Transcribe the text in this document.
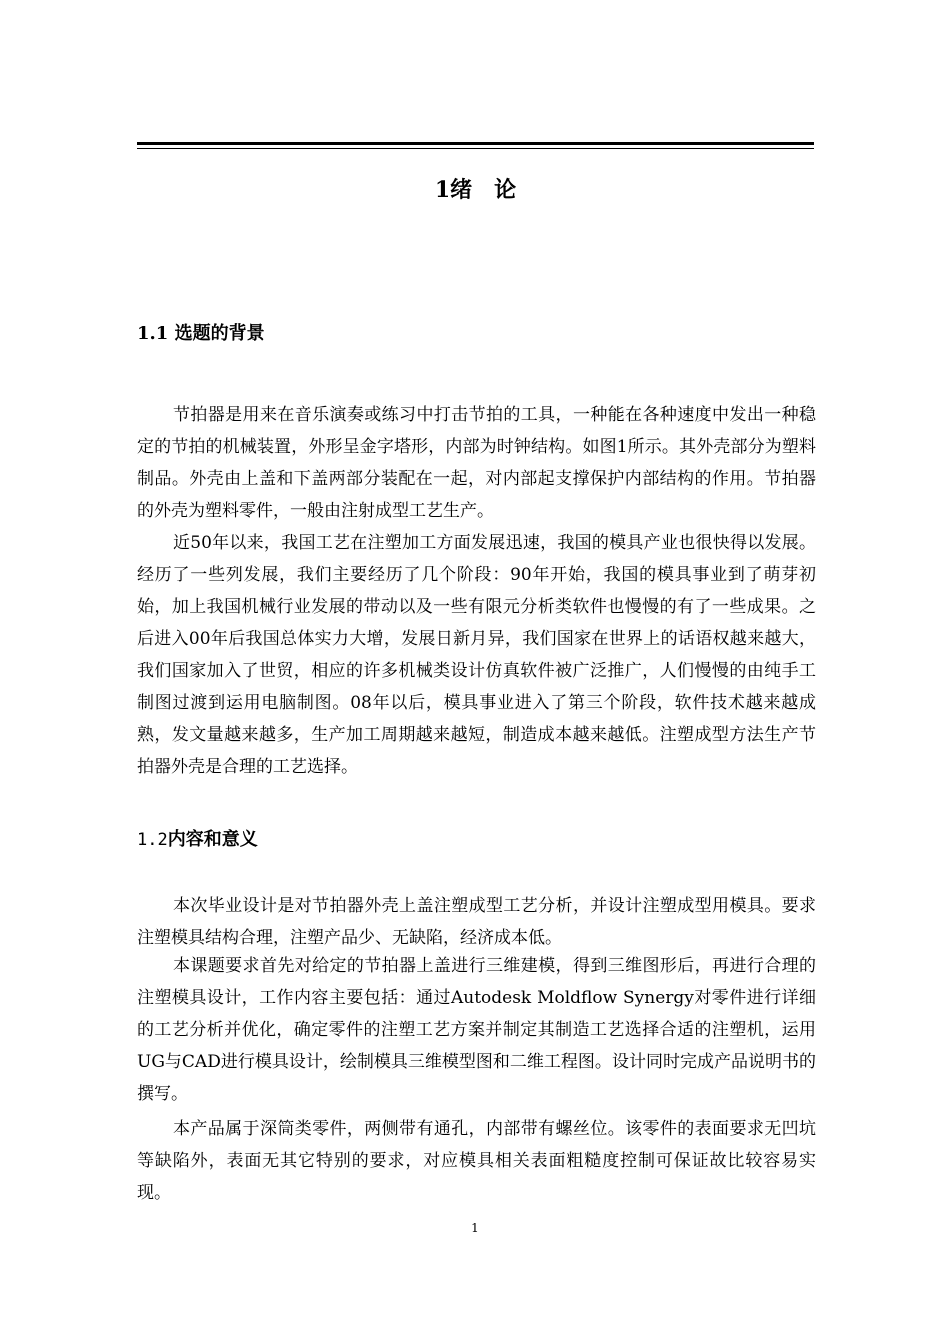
1绪　论
1.1 选题的背景

节拍器是用来在音乐演奏或练习中打击节拍的工具，一种能在各种速度中发出一种稳定的节拍的机械装置，外形呈金字塔形，内部为时钟结构。如图1所示。其外壳部分为塑料制品。外壳由上盖和下盖两部分装配在一起，对内部起支撑保护内部结构的作用。节拍器的外壳为塑料零件，一般由注射成型工艺生产。

近50年以来，我国工艺在注塑加工方面发展迅速，我国的模具产业也很快得以发展。经历了一些列发展，我们主要经历了几个阶段：90年开始，我国的模具事业到了萌芽初始，加上我国机械行业发展的带动以及一些有限元分析类软件也慢慢的有了一些成果。之后进入00年后我国总体实力大增，发展日新月异，我们国家在世界上的话语权越来越大，我们国家加入了世贸，相应的许多机械类设计仿真软件被广泛推广，人们慢慢的由纯手工制图过渡到运用电脑制图。08年以后，模具事业进入了第三个阶段，软件技术越来越成熟，发文量越来越多，生产加工周期越来越短，制造成本越来越低。注塑成型方法生产节拍器外壳是合理的工艺选择。

1.2内容和意义

本次毕业设计是对节拍器外壳上盖注塑成型工艺分析，并设计注塑成型用模具。要求注塑模具结构合理，注塑产品少、无缺陷，经济成本低。

本课题要求首先对给定的节拍器上盖进行三维建模，得到三维图形后，再进行合理的注塑模具设计，工作内容主要包括：通过Autodesk Moldflow Synergy对零件进行详细的工艺分析并优化，确定零件的注塑工艺方案并制定其制造工艺选择合适的注塑机，运用UG与CAD进行模具设计，绘制模具三维模型图和二维工程图。设计同时完成产品说明书的撰写。

本产品属于深筒类零件，两侧带有通孔，内部带有螺丝位。该零件的表面要求无凹坑等缺陷外，表面无其它特别的要求，对应模具相关表面粗糙度控制可保证故比较容易实现。

1
